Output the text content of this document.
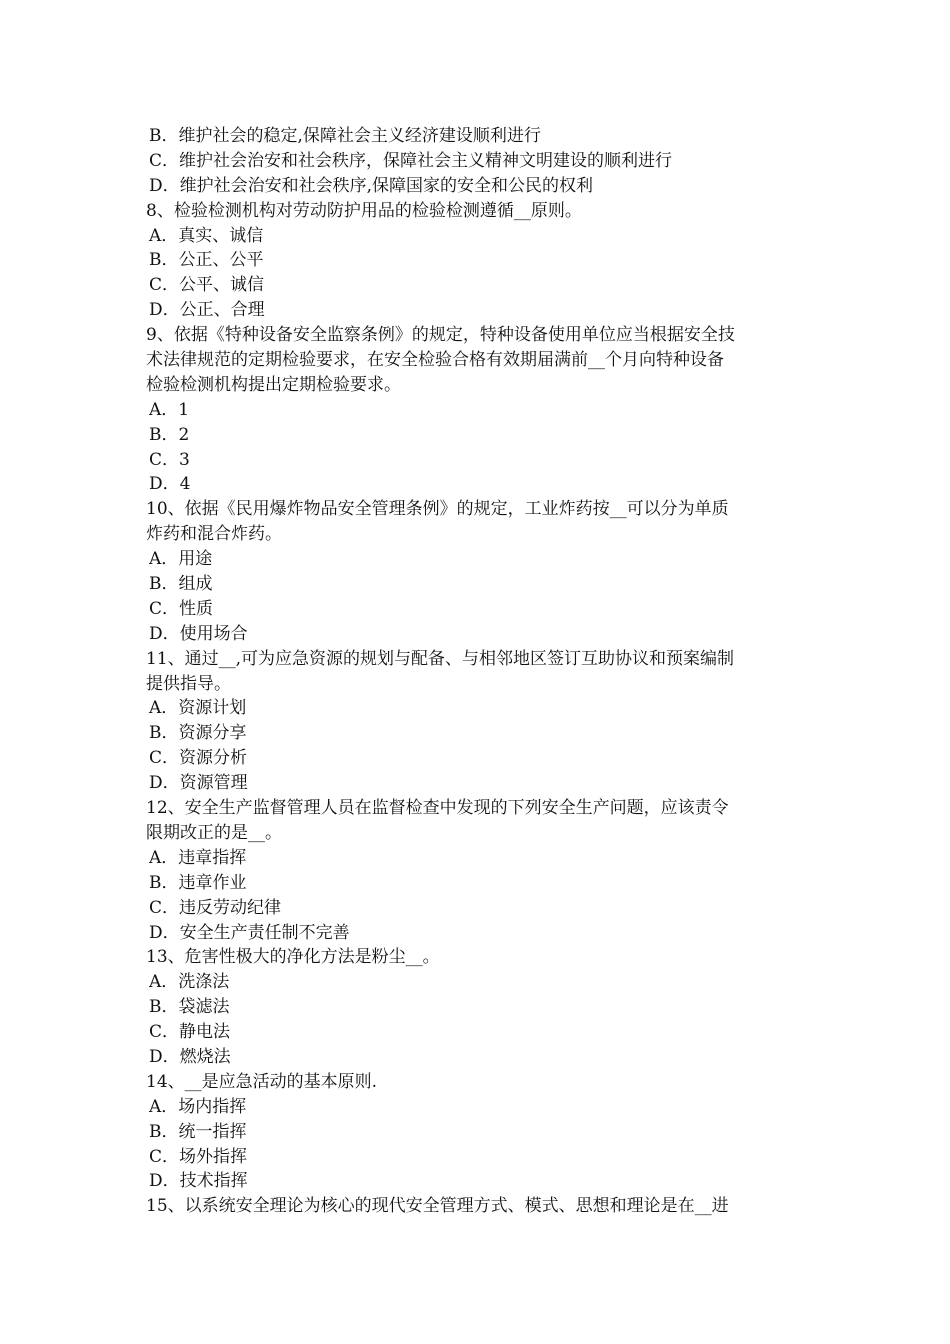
B．维护社会的稳定,保障社会主义经济建设顺利进行
C．维护社会治安和社会秩序，保障社会主义精神文明建设的顺利进行
D．维护社会治安和社会秩序,保障国家的安全和公民的权利
8、检验检测机构对劳动防护用品的检验检测遵循__原则。
A．真实、诚信
B．公正、公平
C．公平、诚信
D．公正、合理
9、依据《特种设备安全监察条例》的规定，特种设备使用单位应当根据安全技
术法律规范的定期检验要求，在安全检验合格有效期届满前__个月向特种设备
检验检测机构提出定期检验要求。
A．1
B．2
C．3
D．4
10、依据《民用爆炸物品安全管理条例》的规定，工业炸药按__可以分为单质
炸药和混合炸药。
A．用途
B．组成
C．性质
D．使用场合
11、通过__,可为应急资源的规划与配备、与相邻地区签订互助协议和预案编制
提供指导。
A．资源计划
B．资源分享
C．资源分析
D．资源管理
12、安全生产监督管理人员在监督检查中发现的下列安全生产问题，应该责令
限期改正的是__。
A．违章指挥
B．违章作业
C．违反劳动纪律
D．安全生产责任制不完善
13、危害性极大的净化方法是粉尘__。
A．洗涤法
B．袋滤法
C．静电法
D．燃烧法
14、__是应急活动的基本原则.
A．场内指挥
B．统一指挥
C．场外指挥
D．技术指挥
15、以系统安全理论为核心的现代安全管理方式、模式、思想和理论是在__进
